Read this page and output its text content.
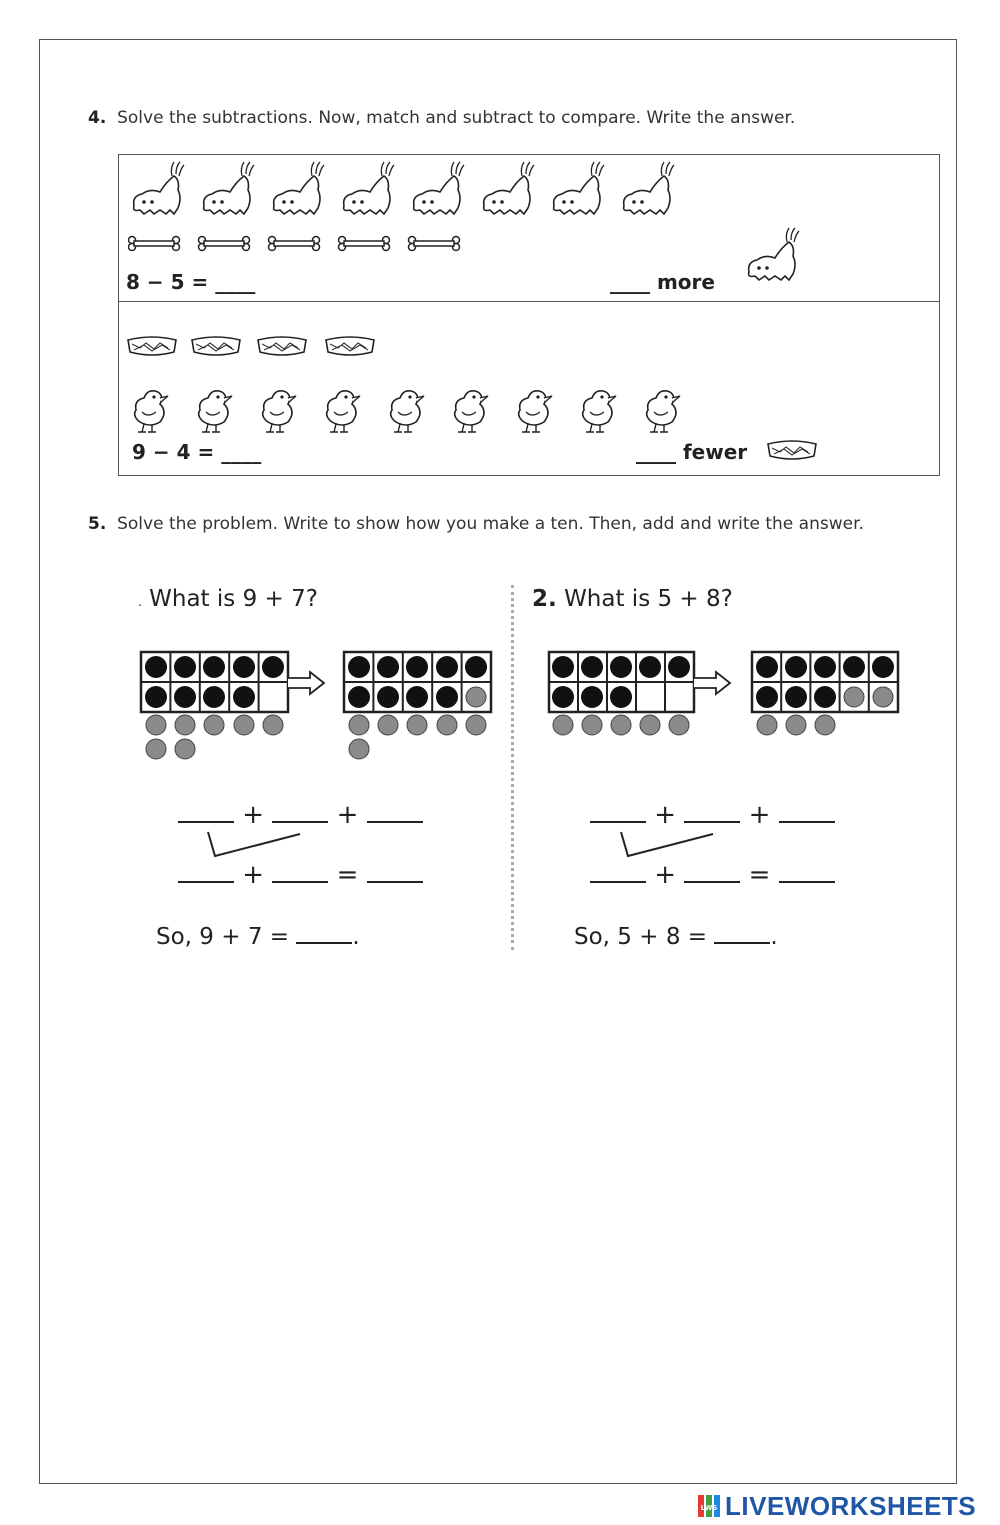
4. Solve the subtractions. Now, match and subtract to compare. Write the answer.
8 − 5 = ____	____ more
9 − 4 = ____	____ fewer
5. Solve the problem. Write to show how you make a ten. Then, add and write the answer.
. What is 9 + 7?
+	+
+	=
So, 9 + 7 =	.
2. What is 5 + 8?
+	+
+	=
So, 5 + 8 =	.
LWS LIVEWORKSHEETS
